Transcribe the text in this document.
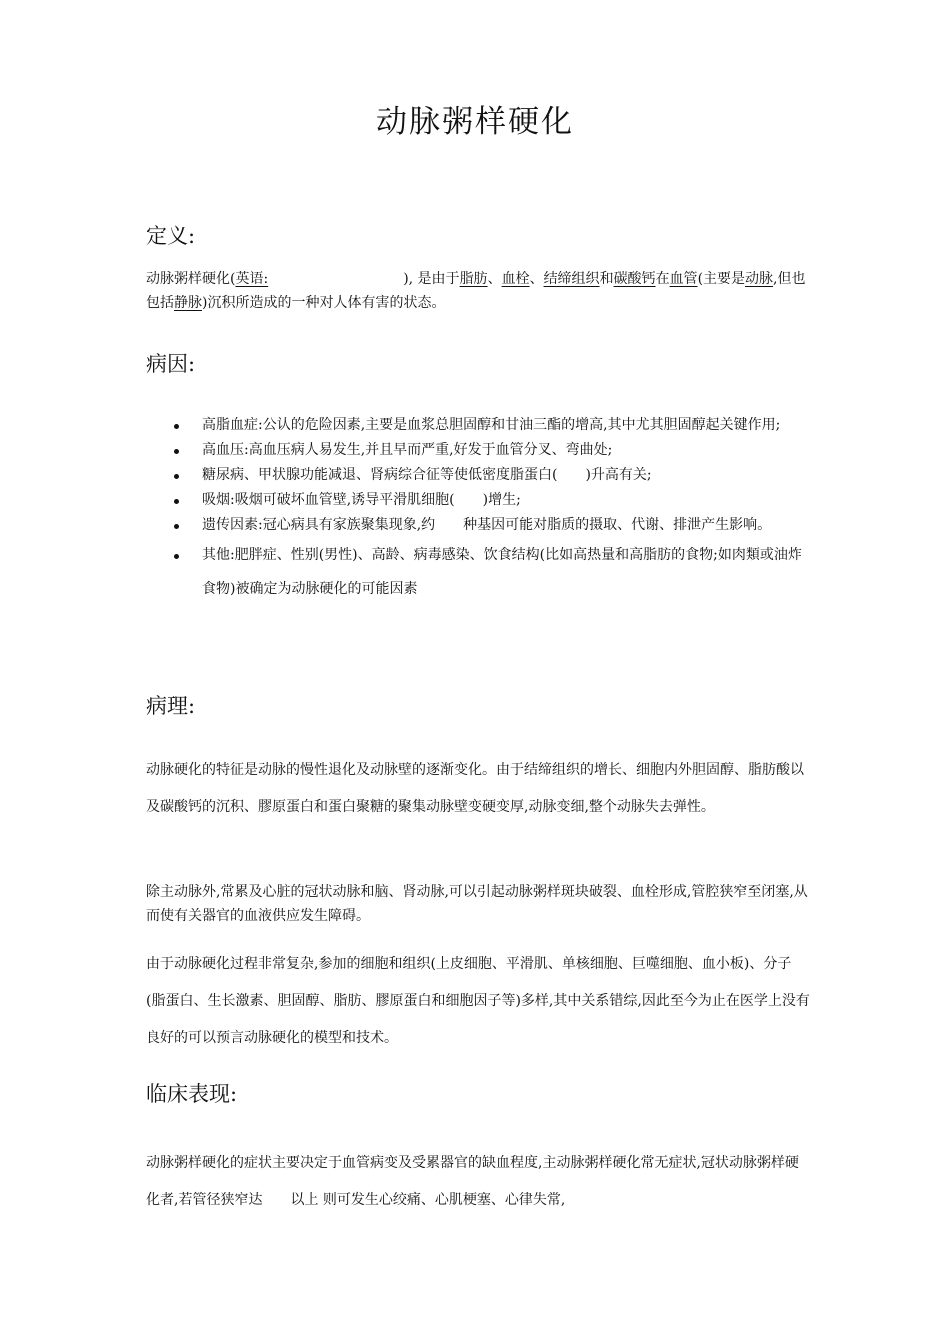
动脉粥样硬化
定义:
动脉粥样硬化(英语:	), 是由于脂肪、血栓、结缔组织和碳酸钙在血管(主要是动脉,但也包括静脉)沉积所造成的一种对人体有害的状态。
病因:
高脂血症:公认的危险因素,主要是血浆总胆固醇和甘油三酯的增高,其中尤其胆固醇起关键作用;
高血压:高血压病人易发生,并且早而严重,好发于血管分叉、弯曲处;
糖尿病、甲状腺功能减退、肾病综合征等使低密度脂蛋白(　　)升高有关;
吸烟:吸烟可破坏血管壁,诱导平滑肌细胞(　　)增生;
遗传因素:冠心病具有家族聚集现象,约　　种基因可能对脂质的摄取、代谢、排泄产生影响。
其他:肥胖症、性别(男性)、高龄、病毒感染、饮食结构(比如高热量和高脂肪的食物;如肉類或油炸食物)被确定为动脉硬化的可能因素
病理:
动脉硬化的特征是动脉的慢性退化及动脉壁的逐渐变化。由于结缔组织的增长、细胞内外胆固醇、脂肪酸以及碳酸钙的沉积、膠原蛋白和蛋白聚糖的聚集动脉壁变硬变厚,动脉变细,整个动脉失去弹性。
除主动脉外,常累及心脏的冠状动脉和脑、肾动脉,可以引起动脉粥样斑块破裂、血栓形成,管腔狭窄至闭塞,从而使有关器官的血液供应发生障碍。
由于动脉硬化过程非常复杂,参加的细胞和组织(上皮细胞、平滑肌、单核细胞、巨噬细胞、血小板)、分子(脂蛋白、生长激素、胆固醇、脂肪、膠原蛋白和细胞因子等)多样,其中关系错综,因此至今为止在医学上没有良好的可以预言动脉硬化的模型和技术。
临床表现:
动脉粥样硬化的症状主要决定于血管病变及受累器官的缺血程度,主动脉粥样硬化常无症状,冠状动脉粥样硬化者,若管径狭窄达　　以上 则可发生心绞痛、心肌梗塞、心律失常,
